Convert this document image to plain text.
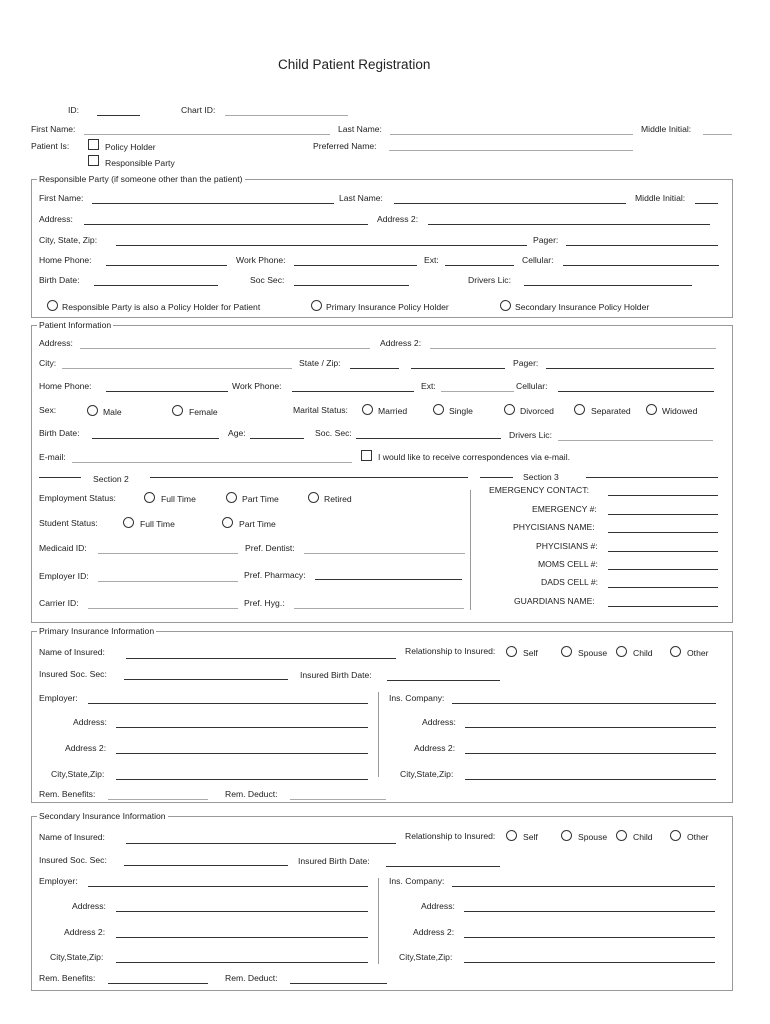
Child Patient Registration
ID:	Chart ID:
First Name:	Last Name:	Middle Initial:
Patient Is:	Policy Holder
Responsible Party
Preferred Name:
Responsible Party (if someone other than the patient)
First Name:	Last Name:	Middle Initial:
Address:	Address 2:
City, State, Zip:	Pager:
Home Phone:	Work Phone:	Ext:	Cellular:
Birth Date:	Soc Sec:	Drivers Lic:
Responsible Party is also a Policy Holder for Patient	Primary Insurance Policy Holder	Secondary Insurance Policy Holder
Patient Information
Address:	Address 2:
City:	State / Zip:	Pager:
Home Phone:	Work Phone:	Ext:	Cellular:
Sex:	Male	Female	Marital Status:	Married	Single	Divorced	Separated	Widowed
Birth Date:	Age:	Soc. Sec:	Drivers Lic:
E-mail:	I would like to receive correspondences via e-mail.
Section 2	Section 3
Employment Status:	Full Time	Part Time	Retired
Student Status:	Full Time	Part Time
Medicaid ID:	Pref. Dentist:
Employer ID:	Pref. Pharmacy:
Carrier ID:	Pref. Hyg.:
EMERGENCY CONTACT:
EMERGENCY #:
PHYCISIANS NAME:
PHYCISIANS #:
MOMS CELL #:
DADS CELL #:
GUARDIANS NAME:
Primary Insurance Information
Name of Insured:	Relationship to Insured:	Self	Spouse	Child	Other
Insured Soc. Sec:	Insured Birth Date:
Employer:	Ins. Company:
Address:	Address:
Address 2:	Address 2:
City,State,Zip:	City,State,Zip:
Rem. Benefits:	Rem. Deduct:
Secondary Insurance Information
Name of Insured:	Relationship to Insured:	Self	Spouse	Child	Other
Insured Soc. Sec:	Insured Birth Date:
Employer:	Ins. Company:
Address:	Address:
Address 2:	Address 2:
City,State,Zip:	City,State,Zip:
Rem. Benefits:	Rem. Deduct:
